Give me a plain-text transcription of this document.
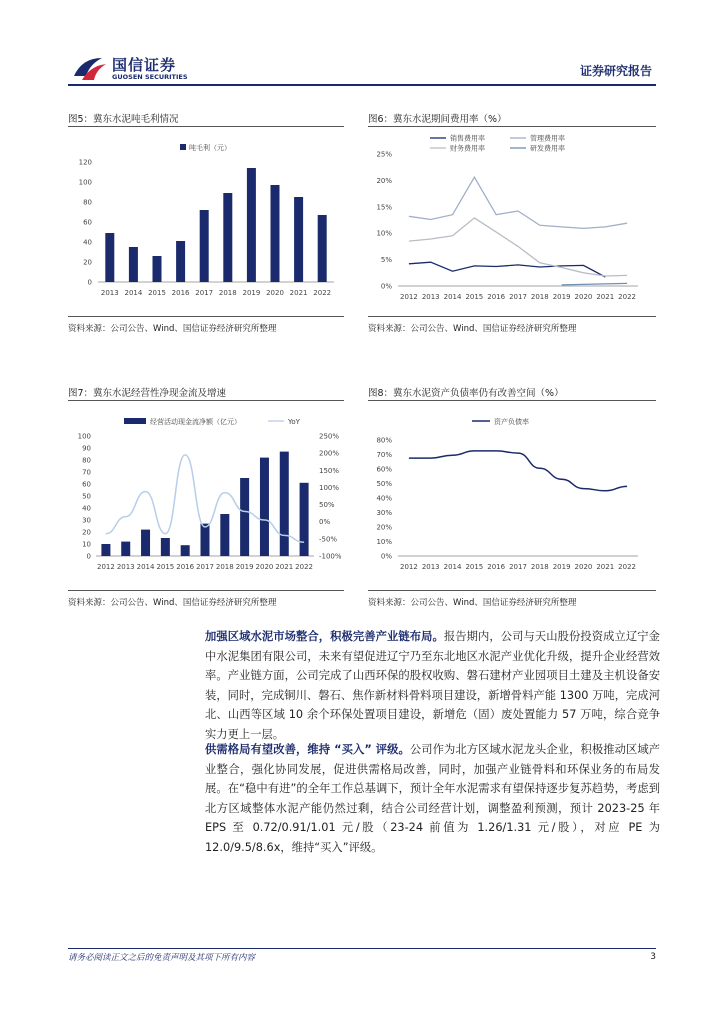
国信证券
GUOSEN SECURITIES	证券研究报告
图5：冀东水泥吨毛利情况	图6：冀东水泥期间费用率（%）
0
20
40
60
80
100
120
2013 2014 2015 2016 2017 2018 2019 2020 2021 2022
吨毛利（元）
0%
5%
10%
15%
20%
25%
2012 2013 2014 2015 2016 2017 2018 2019 2020 2021 2022
销售费用率	管理费用率
财务费用率	研发费用率
资料来源：公司公告、Wind、国信证券经济研究所整理	资料来源：公司公告、Wind、国信证券经济研究所整理
图7：冀东水泥经营性净现金流及增速	图8：冀东水泥资产负债率仍有改善空间（%）
0
10
20
30
40
50
60
70
80
90
100
-100%
-50%
0%
50%
100%
150%
200%
250%
2012 2013 2014 2015 2016 2017 2018 2019 2020 2021 2022
经营活动现金流净额（亿元）	YoY
0%
10%
20%
30%
40%
50%
60%
70%
80%
2012 2013 2014 2015 2016 2017 2018 2019 2020 2021 2022
资产负债率
资料来源：公司公告、Wind、国信证券经济研究所整理	资料来源：公司公告、Wind、国信证券经济研究所整理
加强区域水泥市场整合，积极完善产业链布局。报告期内，公司与天山股份投资成立辽宁金中水泥集团有限公司，未来有望促进辽宁乃至东北地区水泥产业优化升级，提升企业经营效率。产业链方面，公司完成了山西环保的股权收购、磐石建材产业园项目土建及主机设备安装，同时，完成铜川、磐石、焦作新材料骨料项目建设，新增骨料产能 1300 万吨，完成河北、山西等区域 10 余个环保处置项目建设，新增危（固）废处置能力 57 万吨，综合竞争实力更上一层。
供需格局有望改善，维持 “买入” 评级。公司作为北方区域水泥龙头企业，积极推动区域产业整合，强化协同发展，促进供需格局改善，同时，加强产业链骨料和环保业务的布局发展。在“稳中有进”的全年工作总基调下，预计全年水泥需求有望保持逐步复苏趋势，考虑到北方区域整体水泥产能仍然过剩，结合公司经营计划，调整盈利预测，预计 2023-25 年 EPS 至 0.72/0.91/1.01 元/股（23-24 前值为 1.26/1.31 元/股），对应 PE 为 12.0/9.5/8.6x，维持“买入”评级。
请务必阅读正文之后的免责声明及其项下所有内容	3
